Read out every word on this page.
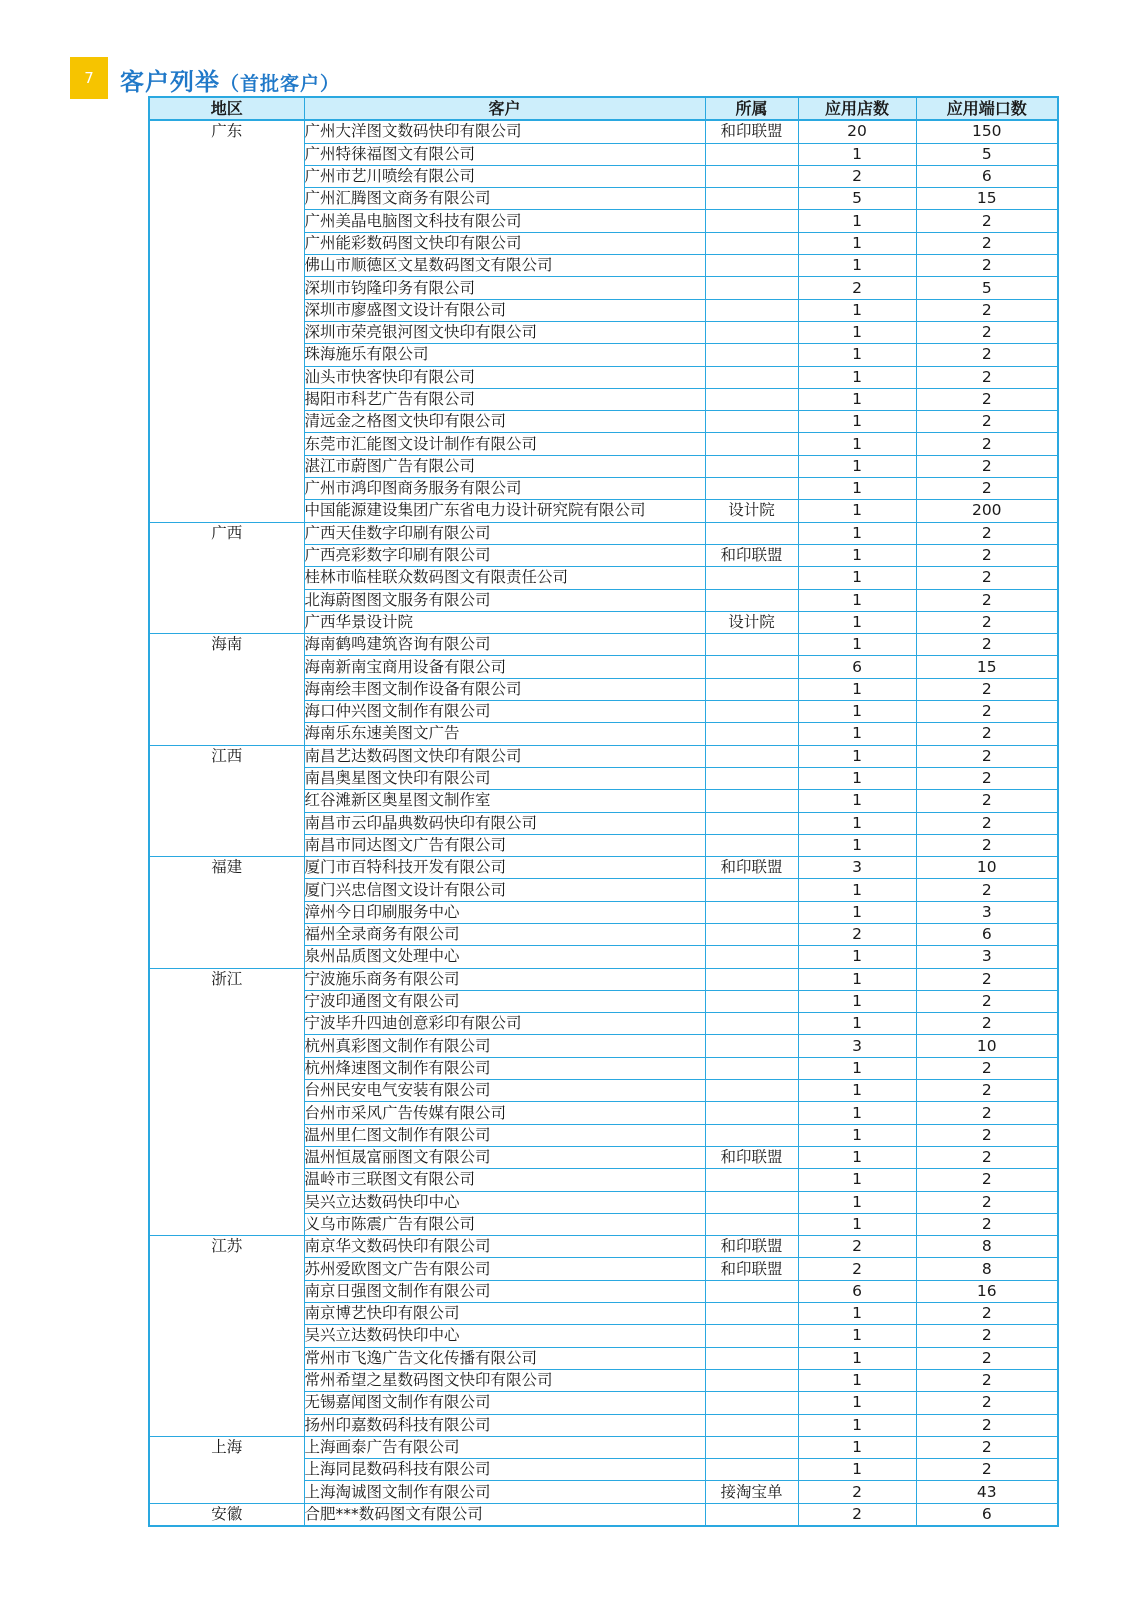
7	客户列举（首批客户）
地区	客户	所属	应用店数	应用端口数
广东	广州大洋图文数码快印有限公司	和印联盟	20	150
	广州特徕福图文有限公司		1	5
	广州市艺川喷绘有限公司		2	6
	广州汇腾图文商务有限公司		5	15
	广州美晶电脑图文科技有限公司		1	2
	广州能彩数码图文快印有限公司		1	2
	佛山市顺德区文星数码图文有限公司		1	2
	深圳市钧隆印务有限公司		2	5
	深圳市廖盛图文设计有限公司		1	2
	深圳市荣亮银河图文快印有限公司		1	2
	珠海施乐有限公司		1	2
	汕头市快客快印有限公司		1	2
	揭阳市科艺广告有限公司		1	2
	清远金之格图文快印有限公司		1	2
	东莞市汇能图文设计制作有限公司		1	2
	湛江市蔚图广告有限公司		1	2
	广州市鸿印图商务服务有限公司		1	2
	中国能源建设集团广东省电力设计研究院有限公司	设计院	1	200
广西	广西天佳数字印刷有限公司		1	2
	广西亮彩数字印刷有限公司	和印联盟	1	2
	桂林市临桂联众数码图文有限责任公司		1	2
	北海蔚图图文服务有限公司		1	2
	广西华景设计院	设计院	1	2
海南	海南鹤鸣建筑咨询有限公司		1	2
	海南新南宝商用设备有限公司		6	15
	海南绘丰图文制作设备有限公司		1	2
	海口仲兴图文制作有限公司		1	2
	海南乐东速美图文广告		1	2
江西	南昌艺达数码图文快印有限公司		1	2
	南昌奥星图文快印有限公司		1	2
	红谷滩新区奥星图文制作室		1	2
	南昌市云印晶典数码快印有限公司		1	2
	南昌市同达图文广告有限公司		1	2
福建	厦门市百特科技开发有限公司	和印联盟	3	10
	厦门兴忠信图文设计有限公司		1	2
	漳州今日印刷服务中心		1	3
	福州全录商务有限公司		2	6
	泉州品质图文处理中心		1	3
浙江	宁波施乐商务有限公司		1	2
	宁波印通图文有限公司		1	2
	宁波毕升四迪创意彩印有限公司		1	2
	杭州真彩图文制作有限公司		3	10
	杭州烽速图文制作有限公司		1	2
	台州民安电气安装有限公司		1	2
	台州市采风广告传媒有限公司		1	2
	温州里仁图文制作有限公司		1	2
	温州恒晟富丽图文有限公司	和印联盟	1	2
	温岭市三联图文有限公司		1	2
	吴兴立达数码快印中心		1	2
	义乌市陈震广告有限公司		1	2
江苏	南京华文数码快印有限公司	和印联盟	2	8
	苏州爱欧图文广告有限公司	和印联盟	2	8
	南京日强图文制作有限公司		6	16
	南京博艺快印有限公司		1	2
	吴兴立达数码快印中心		1	2
	常州市飞逸广告文化传播有限公司		1	2
	常州希望之星数码图文快印有限公司		1	2
	无锡嘉闻图文制作有限公司		1	2
	扬州印嘉数码科技有限公司		1	2
上海	上海画泰广告有限公司		1	2
	上海同昆数码科技有限公司		1	2
	上海淘诚图文制作有限公司	接淘宝单	2	43
安徽	合肥***数码图文有限公司		2	6
